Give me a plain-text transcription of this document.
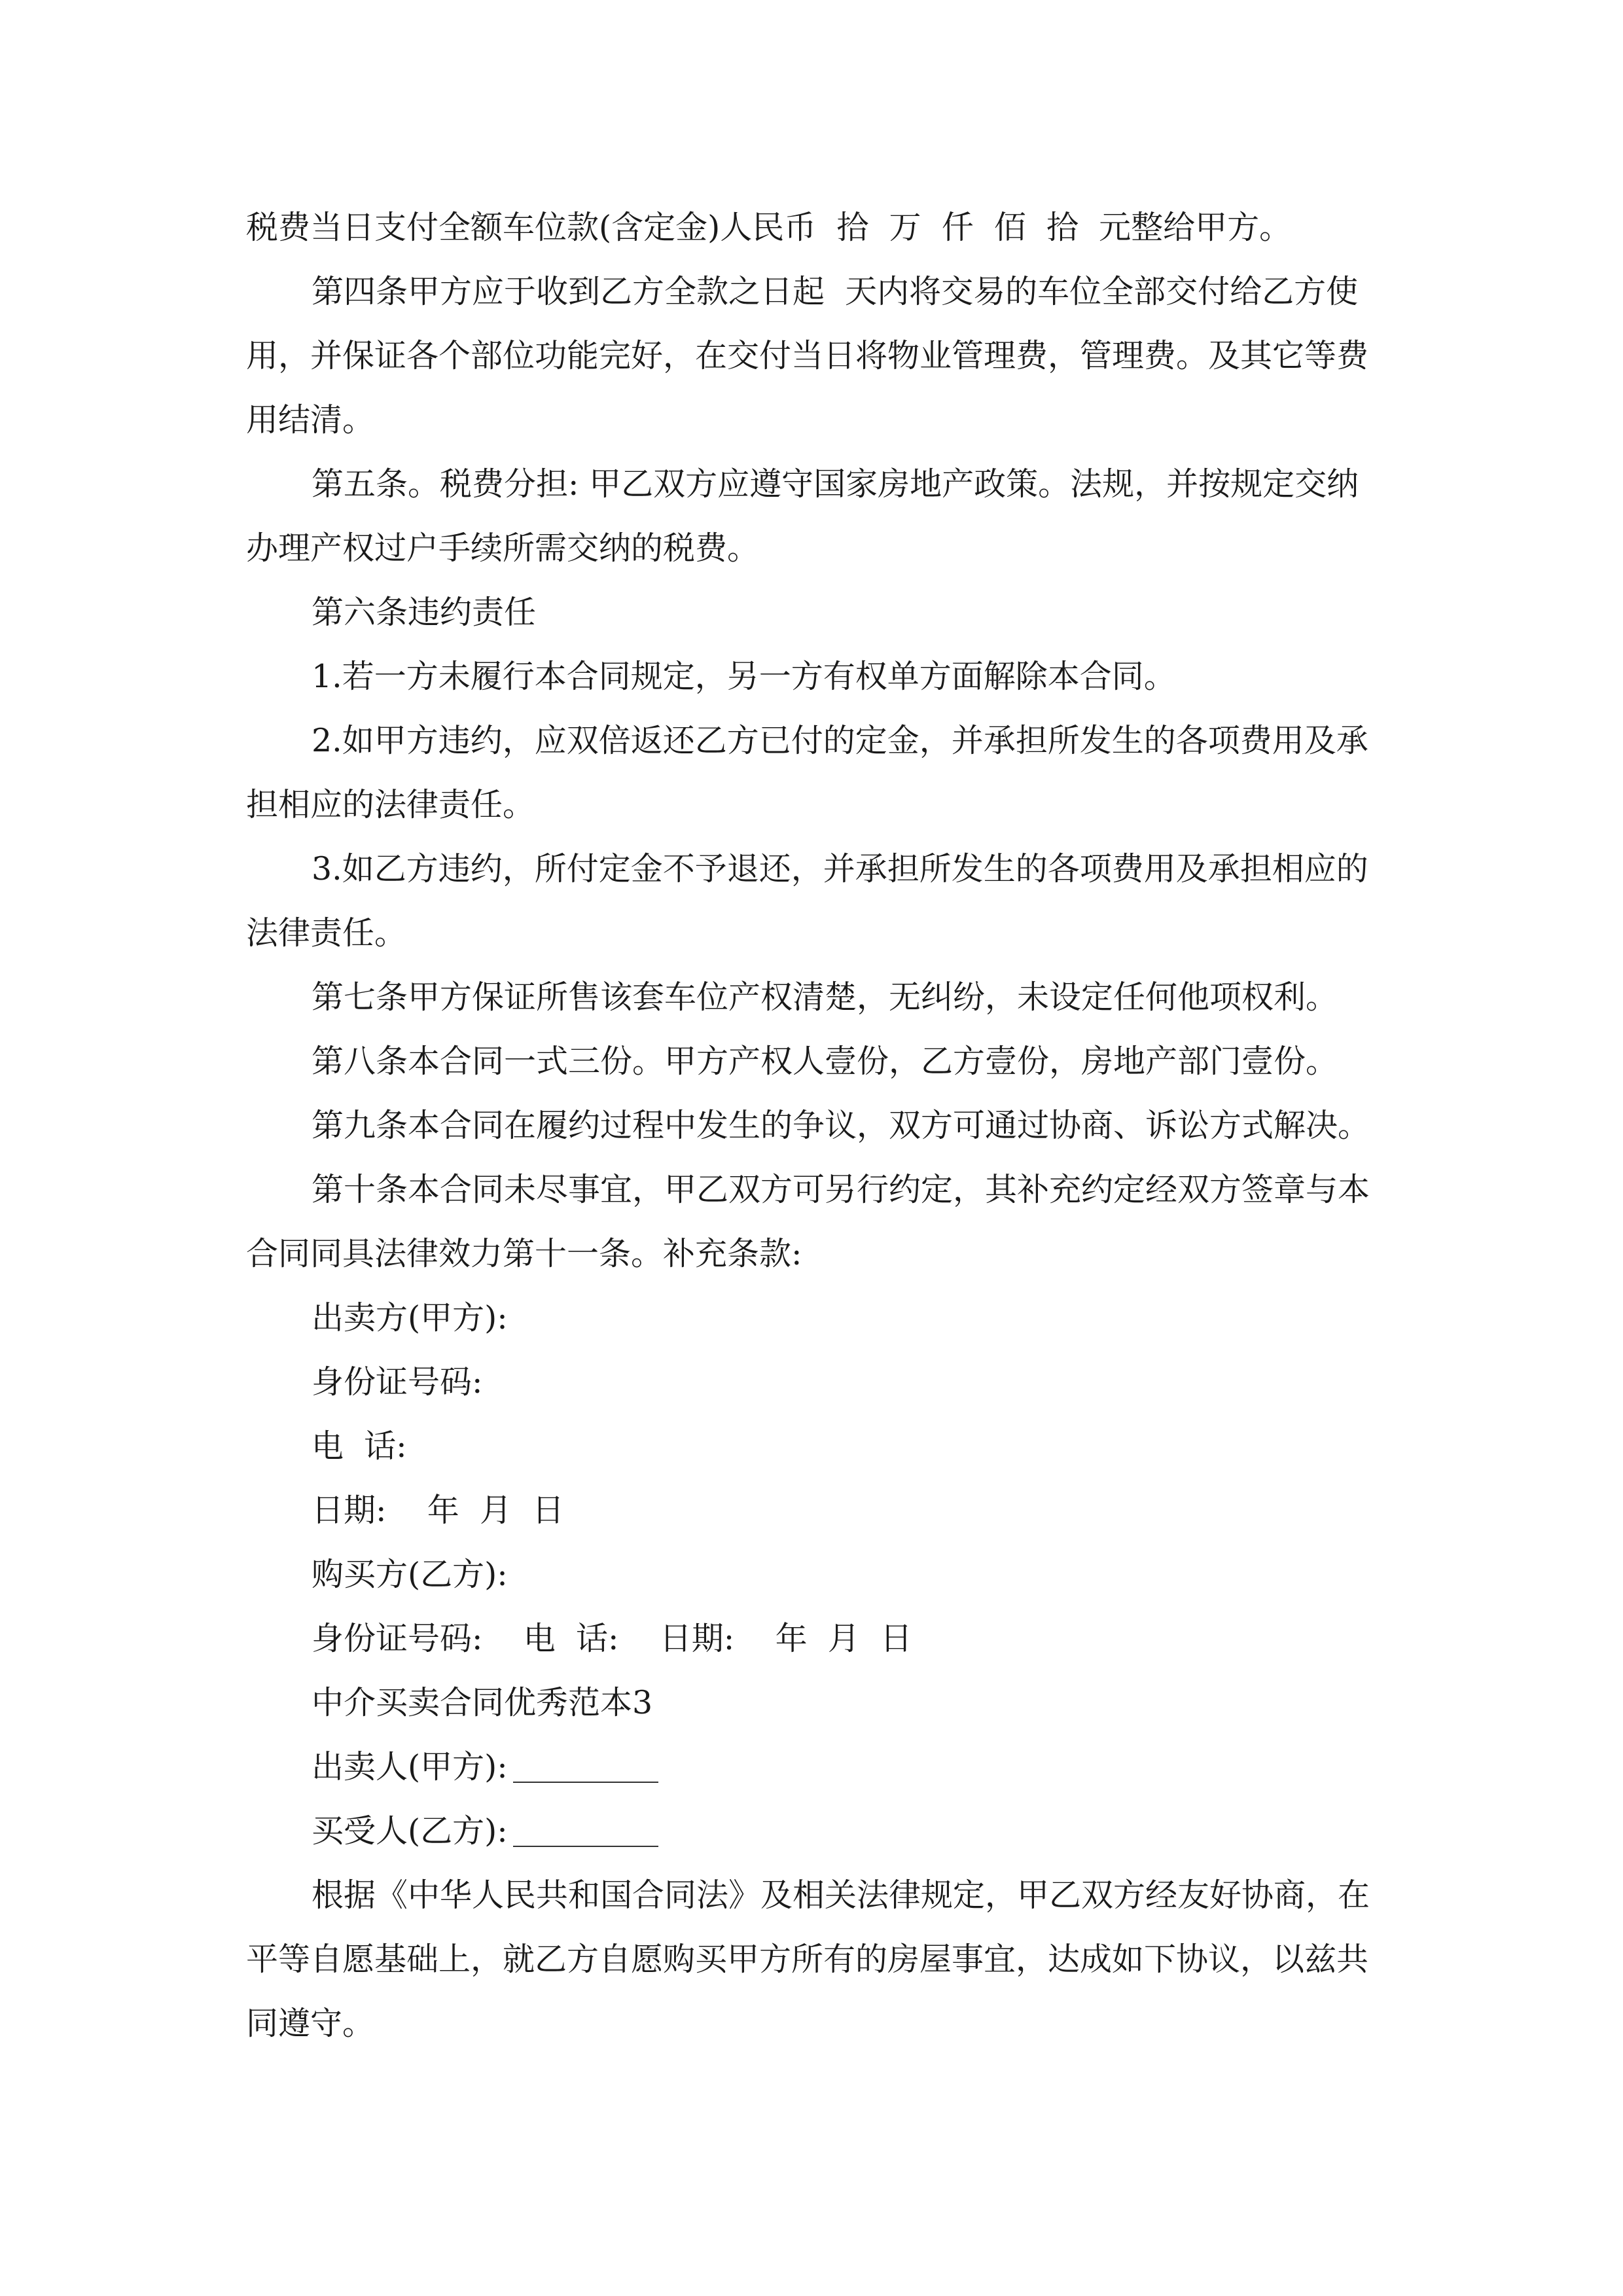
税费当日支付全额车位款(含定金)人民币  拾  万  仟  佰  拾  元整给甲方。
第四条甲方应于收到乙方全款之日起  天内将交易的车位全部交付给乙方使
用，并保证各个部位功能完好，在交付当日将物业管理费，管理费。及其它等费
用结清。
第五条。税费分担: 甲乙双方应遵守国家房地产政策。法规，并按规定交纳
办理产权过户手续所需交纳的税费。
第六条违约责任
1.若一方未履行本合同规定，另一方有权单方面解除本合同。
2.如甲方违约，应双倍返还乙方已付的定金，并承担所发生的各项费用及承
担相应的法律责任。
3.如乙方违约，所付定金不予退还，并承担所发生的各项费用及承担相应的
法律责任。
第七条甲方保证所售该套车位产权清楚，无纠纷，未设定任何他项权利。
第八条本合同一式三份。甲方产权人壹份，乙方壹份，房地产部门壹份。
第九条本合同在履约过程中发生的争议，双方可通过协商、诉讼方式解决。
第十条本合同未尽事宜，甲乙双方可另行约定，其补充约定经双方签章与本
合同同具法律效力第十一条。补充条款:
出卖方(甲方):
身份证号码:
电  话:
日期:    年  月  日
购买方(乙方):
身份证号码:    电  话:    日期:    年  月  日
中介买卖合同优秀范本3
出卖人(甲方):
买受人(乙方):
根据《中华人民共和国合同法》及相关法律规定，甲乙双方经友好协商，在
平等自愿基础上，就乙方自愿购买甲方所有的房屋事宜，达成如下协议，以兹共
同遵守。
